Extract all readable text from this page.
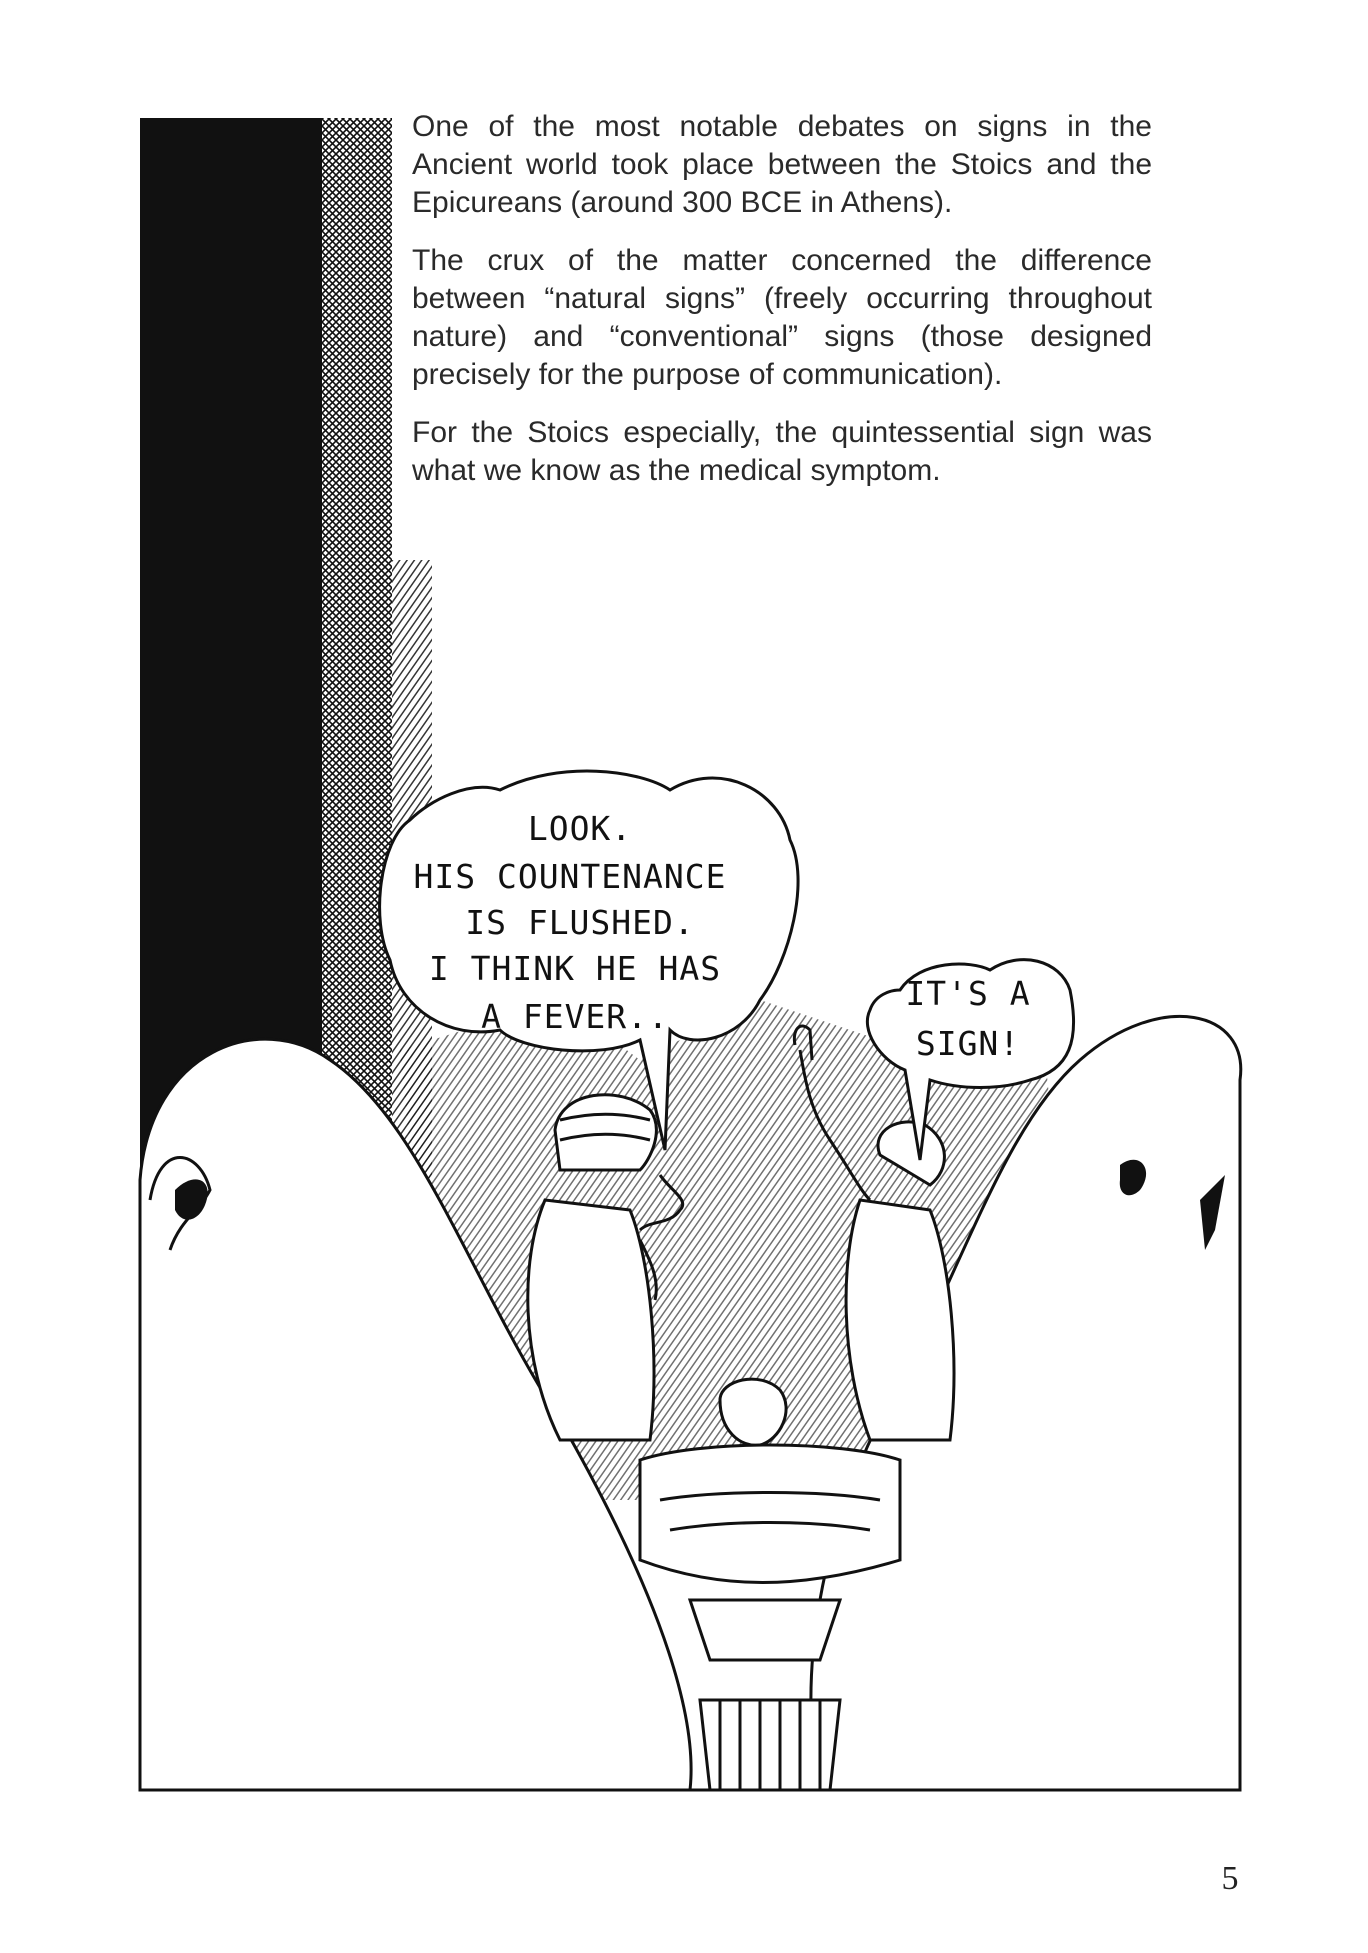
LOOK.
HIS COUNTENANCE
IS FLUSHED.
I THINK HE HAS
A FEVER..
IT'S A
SIGN!

One of the most notable debates on signs in the Ancient world took place between the Stoics and the Epicureans (around 300 BCE in Athens).

The crux of the matter concerned the difference between “natural signs” (freely occurring throughout nature) and “conventional” signs (those designed precisely for the purpose of communication).

For the Stoics especially, the quintessential sign was what we know as the medical symptom.

5
